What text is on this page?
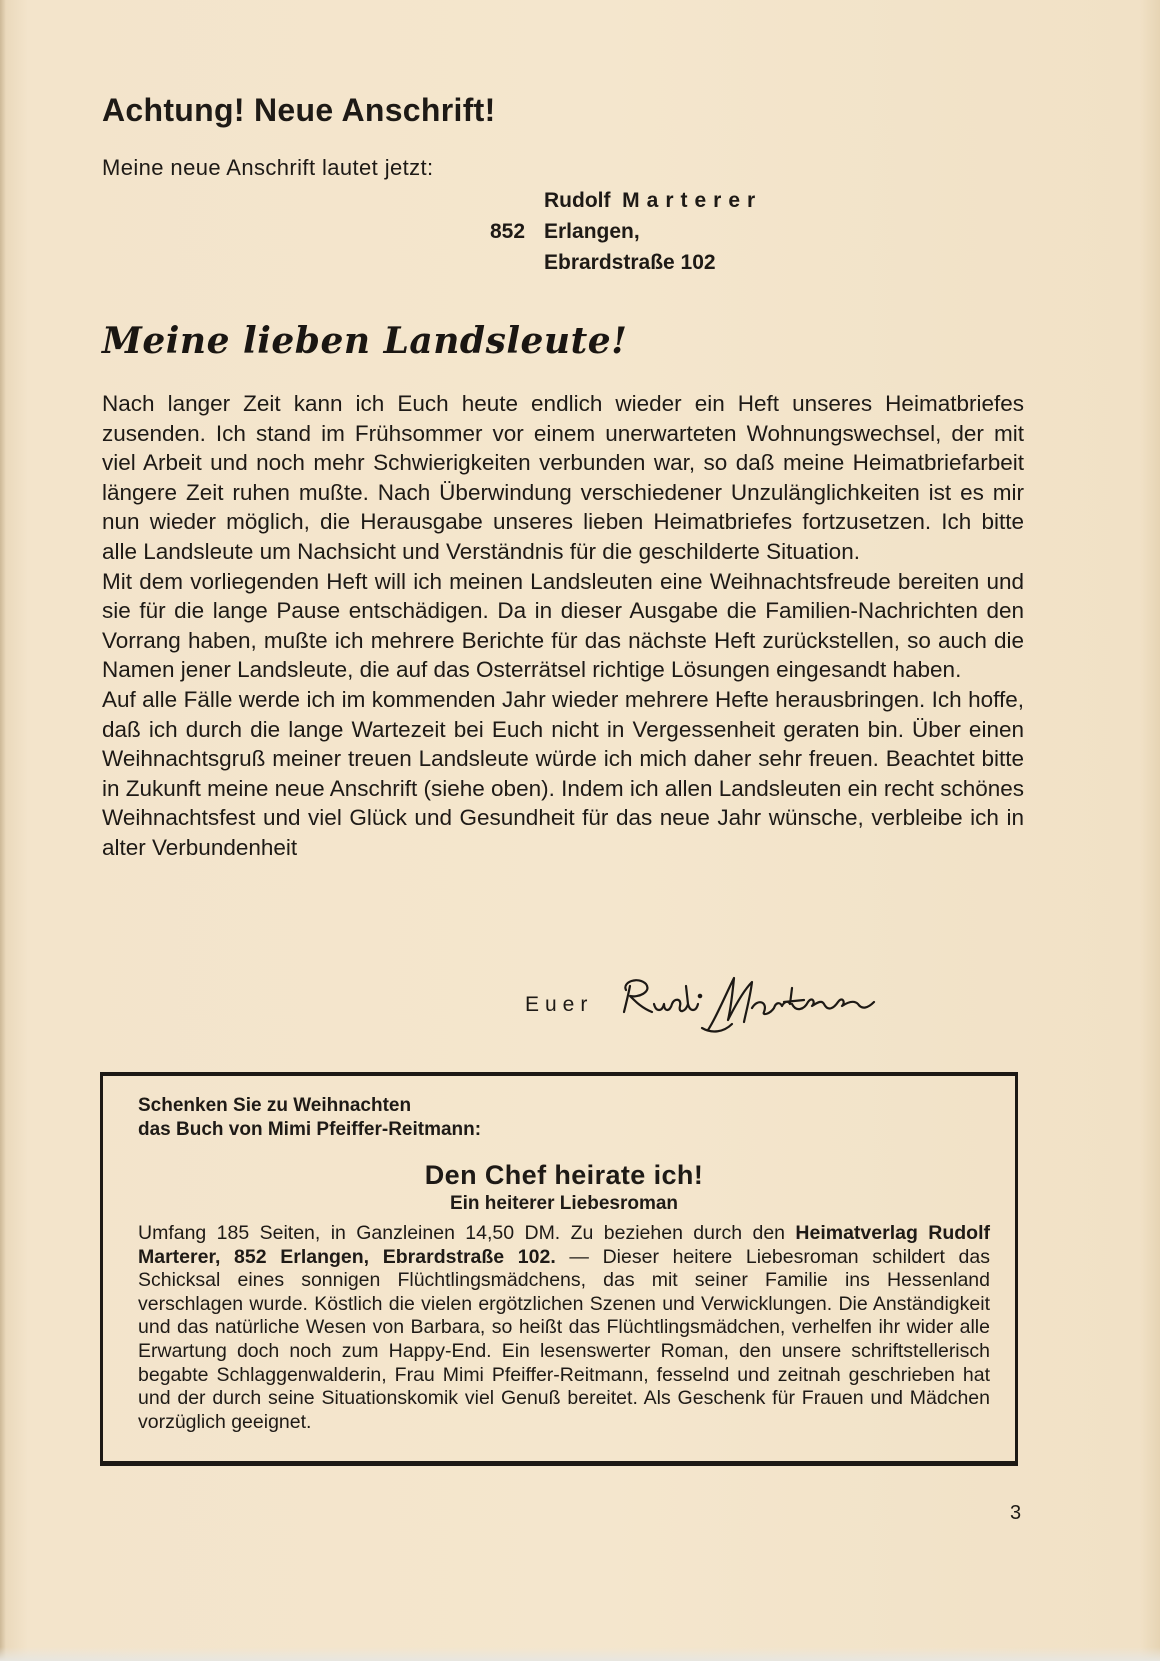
Achtung! Neue Anschrift!

Meine neue Anschrift lautet jetzt:

Rudolf
Marterer
852 Erlangen,
Ebrardstraße 102
Meine lieben Landsleute!

Nach langer Zeit kann ich Euch heute endlich wieder ein Heft unseres Heimatbriefes zusenden. Ich stand im Frühsommer vor einem unerwarteten Wohnungswechsel, der mit viel Arbeit und noch mehr Schwierigkeiten verbunden war, so daß meine Heimatbriefarbeit längere Zeit ruhen mußte. Nach Überwindung verschiedener Unzulänglichkeiten ist es mir nun wieder möglich, die Herausgabe unseres lieben Heimatbriefes fortzusetzen. Ich bitte alle Landsleute um Nachsicht und Verständnis für die geschilderte Situation.

Mit dem vorliegenden Heft will ich meinen Landsleuten eine Weihnachtsfreude bereiten und sie für die lange Pause entschädigen. Da in dieser Ausgabe die Familien-Nachrichten den Vorrang haben, mußte ich mehrere Berichte für das nächste Heft zurückstellen, so auch die Namen jener Landsleute, die auf das Osterrätsel richtige Lösungen eingesandt haben.

Auf alle Fälle werde ich im kommenden Jahr wieder mehrere Hefte herausbringen. Ich hoffe, daß ich durch die lange Wartezeit bei Euch nicht in Vergessenheit geraten bin. Über einen Weihnachtsgruß meiner treuen Landsleute würde ich mich daher sehr freuen. Beachtet bitte in Zukunft meine neue Anschrift (siehe oben). Indem ich allen Landsleuten ein recht schönes Weihnachtsfest und viel Glück und Gesundheit für das neue Jahr wünsche, verbleibe ich in alter Verbundenheit

Euer

Schenken Sie zu Weihnachten
das Buch von Mimi Pfeiffer-Reitmann:

Den Chef heirate ich!

Ein heiterer Liebesroman

Umfang 185 Seiten, in Ganzleinen 14,50 DM. Zu beziehen durch den Heimatverlag Rudolf Marterer, 852 Erlangen, Ebrardstraße 102. — Dieser heitere Liebesroman schildert das Schicksal eines sonnigen Flüchtlingsmädchens, das mit seiner Familie ins Hessenland verschlagen wurde. Köstlich die vielen ergötzlichen Szenen und Verwicklungen. Die Anständigkeit und das natürliche Wesen von Barbara, so heißt das Flüchtlingsmädchen, verhelfen ihr wider alle Erwartung doch noch zum Happy-End. Ein lesenswerter Roman, den unsere schriftstellerisch begabte Schlaggenwalderin, Frau Mimi Pfeiffer-Reitmann, fesselnd und zeitnah geschrieben hat und der durch seine Situationskomik viel Genuß bereitet. Als Geschenk für Frauen und Mädchen vorzüglich geeignet.

3
